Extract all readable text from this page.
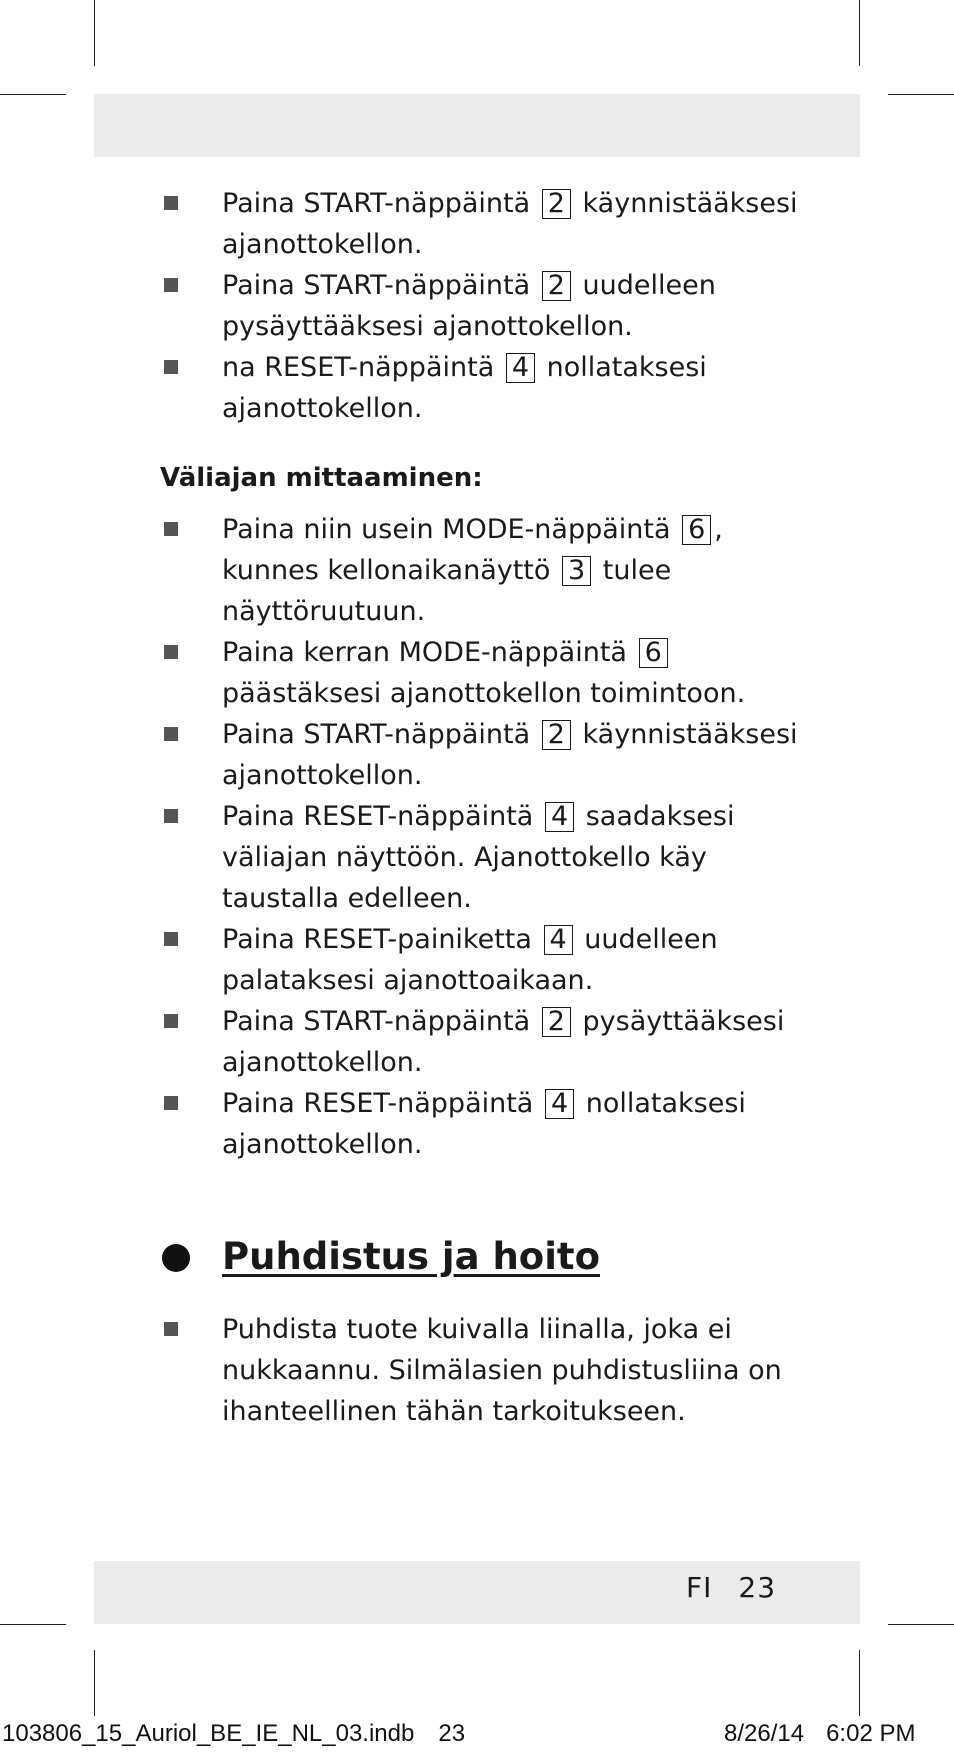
Paina START-näppäintä 2 käynnistääksesi ajanottokellon.
Paina START-näppäintä 2 uudelleen pysäyttääksesi ajanottokellon.
na RESET-näppäintä 4 nollataksesi ajanottokellon.
Väliajan mittaaminen:
Paina niin usein MODE-näppäintä 6 , kunnes kellonaikanäyttö 3 tulee näyttöruutuun.
Paina kerran MODE-näppäintä 6 päästäksesi ajanottokellon toimintoon.
Paina START-näppäintä 2 käynnistääksesi ajanottokellon.
Paina RESET-näppäintä 4 saadaksesi väliajan näyttöön. Ajanottokello käy taustalla edelleen.
Paina RESET-painiketta 4 uudelleen palataksesi ajanottoaikaan.
Paina START-näppäintä 2 pysäyttääksesi ajanottokellon.
Paina RESET-näppäintä 4 nollataksesi ajanottokellon.
Puhdistus ja hoito
Puhdista tuote kuivalla liinalla, joka ei nukkaannu. Silmälasien puhdistusliina on ihanteellinen tähän tarkoitukseen.
FI 23
103806_15_Auriol_BE_IE_NL_03.indb 23	8/26/14 6:02 PM
